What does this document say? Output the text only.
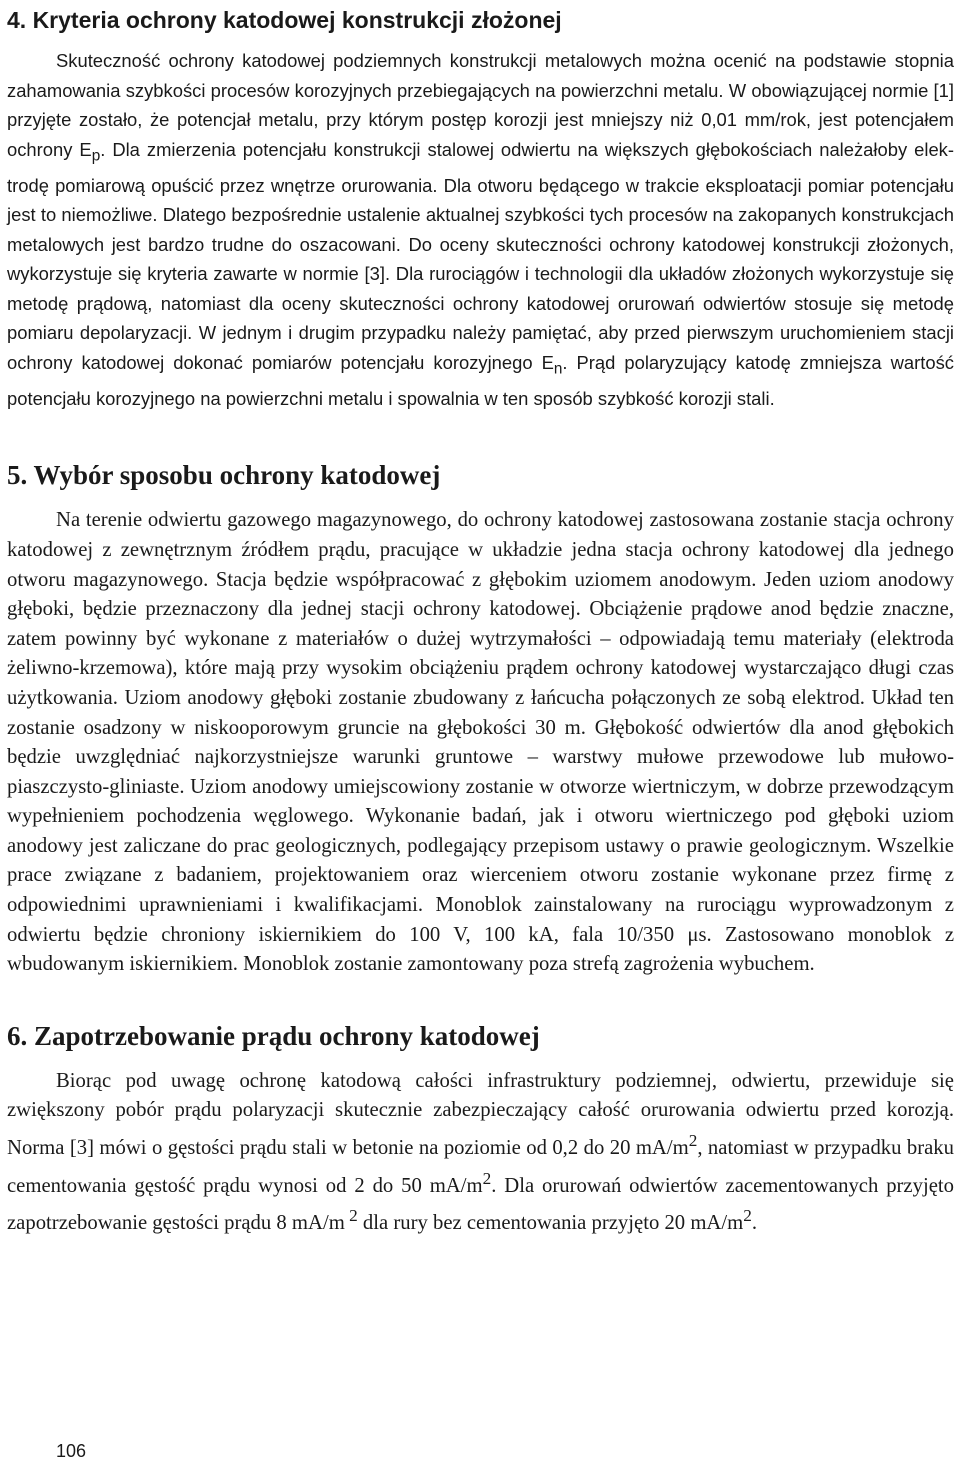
4. Kryteria ochrony katodowej konstrukcji złożonej

Skuteczność ochrony katodowej podziemnych konstrukcji metalowych można ocenić na podstawie stopnia zahamowania szybkości procesów korozyjnych przebiegających na powierzchni metalu. W obowiązującej normie [1] przyjęte zostało, że potencjał metalu, przy którym postęp korozji jest mniejszy niż 0,01 mm/rok, jest potencjałem ochrony $E_p$. Dla zmierzenia potencjału konstrukcji stalowej odwiertu na większych głębokościach należałoby elektrodę pomiarową opuścić przez wnętrze orurowania. Dla otworu będącego w trakcie eksploatacji pomiar potencjału jest to niemożliwe. Dlatego bezpośrednie ustalenie aktualnej szybkości tych procesów na zakopanych konstrukcjach metalowych jest bardzo trudne do oszacowani. Do oceny skuteczności ochrony katodowej konstrukcji złożonych, wykorzystuje się kryteria zawarte w normie [3]. Dla rurociągów i technologii dla układów złożonych wykorzystuje się metodę prądową, natomiast dla oceny skuteczności ochrony katodowej orurowań odwiertów stosuje się metodę pomiaru depolaryzacji. W jednym i drugim przypadku należy pamiętać, aby przed pierwszym uruchomieniem stacji ochrony katodowej dokonać pomiarów potencjału korozyjnego $E_n$. Prąd polaryzujący katodę zmniejsza wartość potencjału korozyjnego na powierzchni metalu i spowalnia w ten sposób szybkość korozji stali.

5. Wybór sposobu ochrony katodowej

Na terenie odwiertu gazowego magazynowego, do ochrony katodowej zastosowana zostanie stacja ochrony katodowej z zewnętrznym źródłem prądu, pracujące w układzie jedna stacja ochrony katodowej dla jednego otworu magazynowego. Stacja będzie współpracować z głębokim uziomem anodowym. Jeden uziom anodowy głęboki, będzie przeznaczony dla jednej stacji ochrony katodowej. Obciążenie prądowe anod będzie znaczne, zatem powinny być wykonane z materiałów o dużej wytrzymałości – odpowiadają temu materiały (elektroda żeliwno-krzemowa), które mają przy wysokim obciążeniu prądem ochrony katodowej wystarczająco długi czas użytkowania. Uziom anodowy głęboki zostanie zbudowany z łańcucha połączonych ze sobą elektrod. Układ ten zostanie osadzony w niskooporowym gruncie na głębokości 30 m. Głębokość odwiertów dla anod głębokich będzie uwzględniać najkorzystniejsze warunki gruntowe – warstwy mułowe przewodowe lub mułowo-piaszczysto-gliniaste. Uziom anodowy umiejscowiony zostanie w otworze wiertniczym, w dobrze przewodzącym wypełnieniem pochodzenia węglowego. Wykonanie badań, jak i otworu wiertniczego pod głęboki uziom anodowy jest zaliczane do prac geologicznych, podlegający przepisom ustawy o prawie geologicznym. Wszelkie prace związane z badaniem, projektowaniem oraz wierceniem otworu zostanie wykonane przez firmę z odpowiednimi uprawnieniami i kwalifikacjami. Monoblok zainstalowany na rurociągu wyprowadzonym z odwiertu będzie chroniony iskiernikiem do 100 V, 100 kA, fala 10/350 μs. Zastosowano monoblok z wbudowanym iskiernikiem. Monoblok zostanie zamontowany poza strefą zagrożenia wybuchem.

6. Zapotrzebowanie prądu ochrony katodowej

Biorąc pod uwagę ochronę katodową całości infrastruktury podziemnej, odwiertu, przewiduje się zwiększony pobór prądu polaryzacji skutecznie zabezpieczający całość orurowania odwiertu przed korozją. Norma [3] mówi o gęstości prądu stali w betonie na poziomie od 0,2 do 20 $mA/m^2$, natomiast w przypadku braku cementowania gęstość prądu wynosi od 2 do 50 $mA/m^2$. Dla orurowań odwiertów zacementowanych przyjęto zapotrzebowanie gęstości prądu 8 mA/m $^2$ dla rury bez cementowania przyjęto 20 $mA/m^2$.

106
